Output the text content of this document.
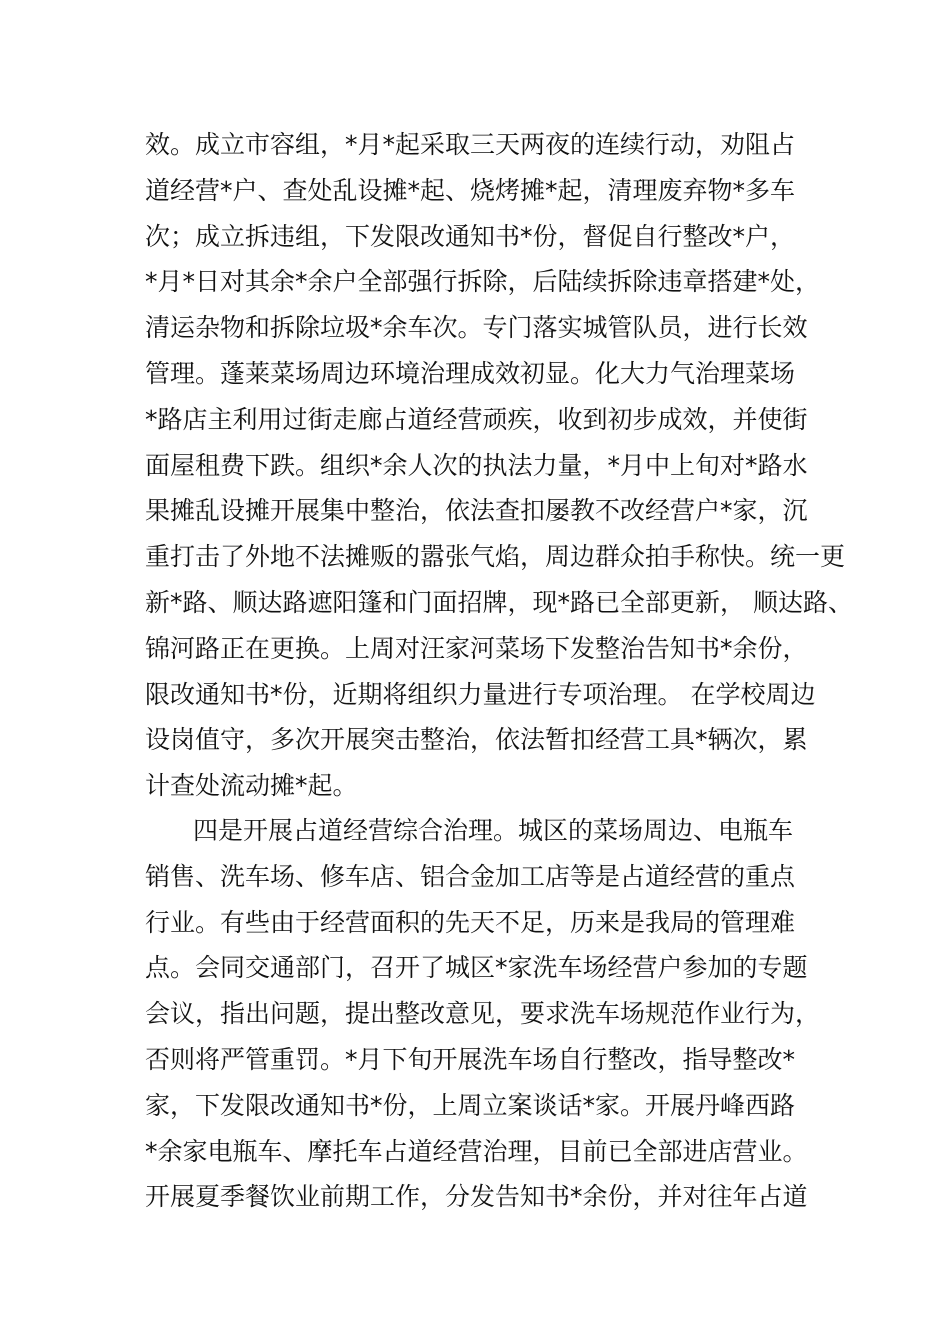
效。成立市容组，*月*起采取三天两夜的连续行动，劝阻占
道经营*户、查处乱设摊*起、烧烤摊*起，清理废弃物*多车
次；成立拆违组，下发限改通知书*份，督促自行整改*户，
*月*日对其余*余户全部强行拆除，后陆续拆除违章搭建*处，
清运杂物和拆除垃圾*余车次。专门落实城管队员，进行长效
管理。蓬莱菜场周边环境治理成效初显。化大力气治理菜场
*路店主利用过街走廊占道经营顽疾，收到初步成效，并使街
面屋租费下跌。组织*余人次的执法力量，*月中上旬对*路水
果摊乱设摊开展集中整治，依法查扣屡教不改经营户*家，沉
重打击了外地不法摊贩的嚣张气焰，周边群众拍手称快。统一更
新*路、顺达路遮阳篷和门面招牌，现*路已全部更新， 顺达路、
锦河路正在更换。上周对汪家河菜场下发整治告知书*余份，
限改通知书*份，近期将组织力量进行专项治理。 在学校周边
设岗值守，多次开展突击整治，依法暂扣经营工具*辆次，累
计查处流动摊*起。
四是开展占道经营综合治理。城区的菜场周边、电瓶车
销售、洗车场、修车店、铝合金加工店等是占道经营的重点
行业。有些由于经营面积的先天不足，历来是我局的管理难
点。会同交通部门，召开了城区*家洗车场经营户参加的专题
会议，指出问题，提出整改意见，要求洗车场规范作业行为，
否则将严管重罚。*月下旬开展洗车场自行整改，指导整改*
家，下发限改通知书*份，上周立案谈话*家。开展丹峰西路
*余家电瓶车、摩托车占道经营治理，目前已全部进店营业。
开展夏季餐饮业前期工作，分发告知书*余份，并对往年占道
